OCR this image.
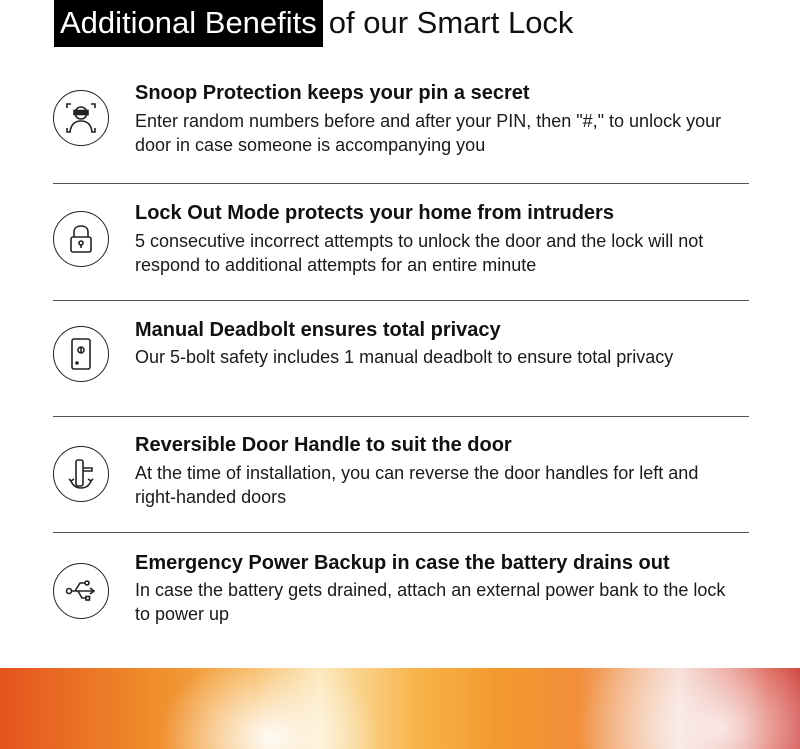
Additional Benefits of our Smart Lock
Snoop Protection keeps your pin a secret
Enter random numbers before and after your PIN, then "#," to unlock your door in case someone is accompanying you
Lock Out Mode protects your home from intruders
5 consecutive incorrect attempts to unlock the door and the lock will not respond to additional attempts for an entire minute
Manual Deadbolt ensures total privacy
Our 5-bolt safety includes 1 manual deadbolt to ensure total privacy
Reversible Door Handle to suit the door
At the time of installation, you can reverse the door handles for left and right-handed doors
Emergency Power Backup in case the battery drains out
In case the battery gets drained, attach an external power bank to the lock to power up
